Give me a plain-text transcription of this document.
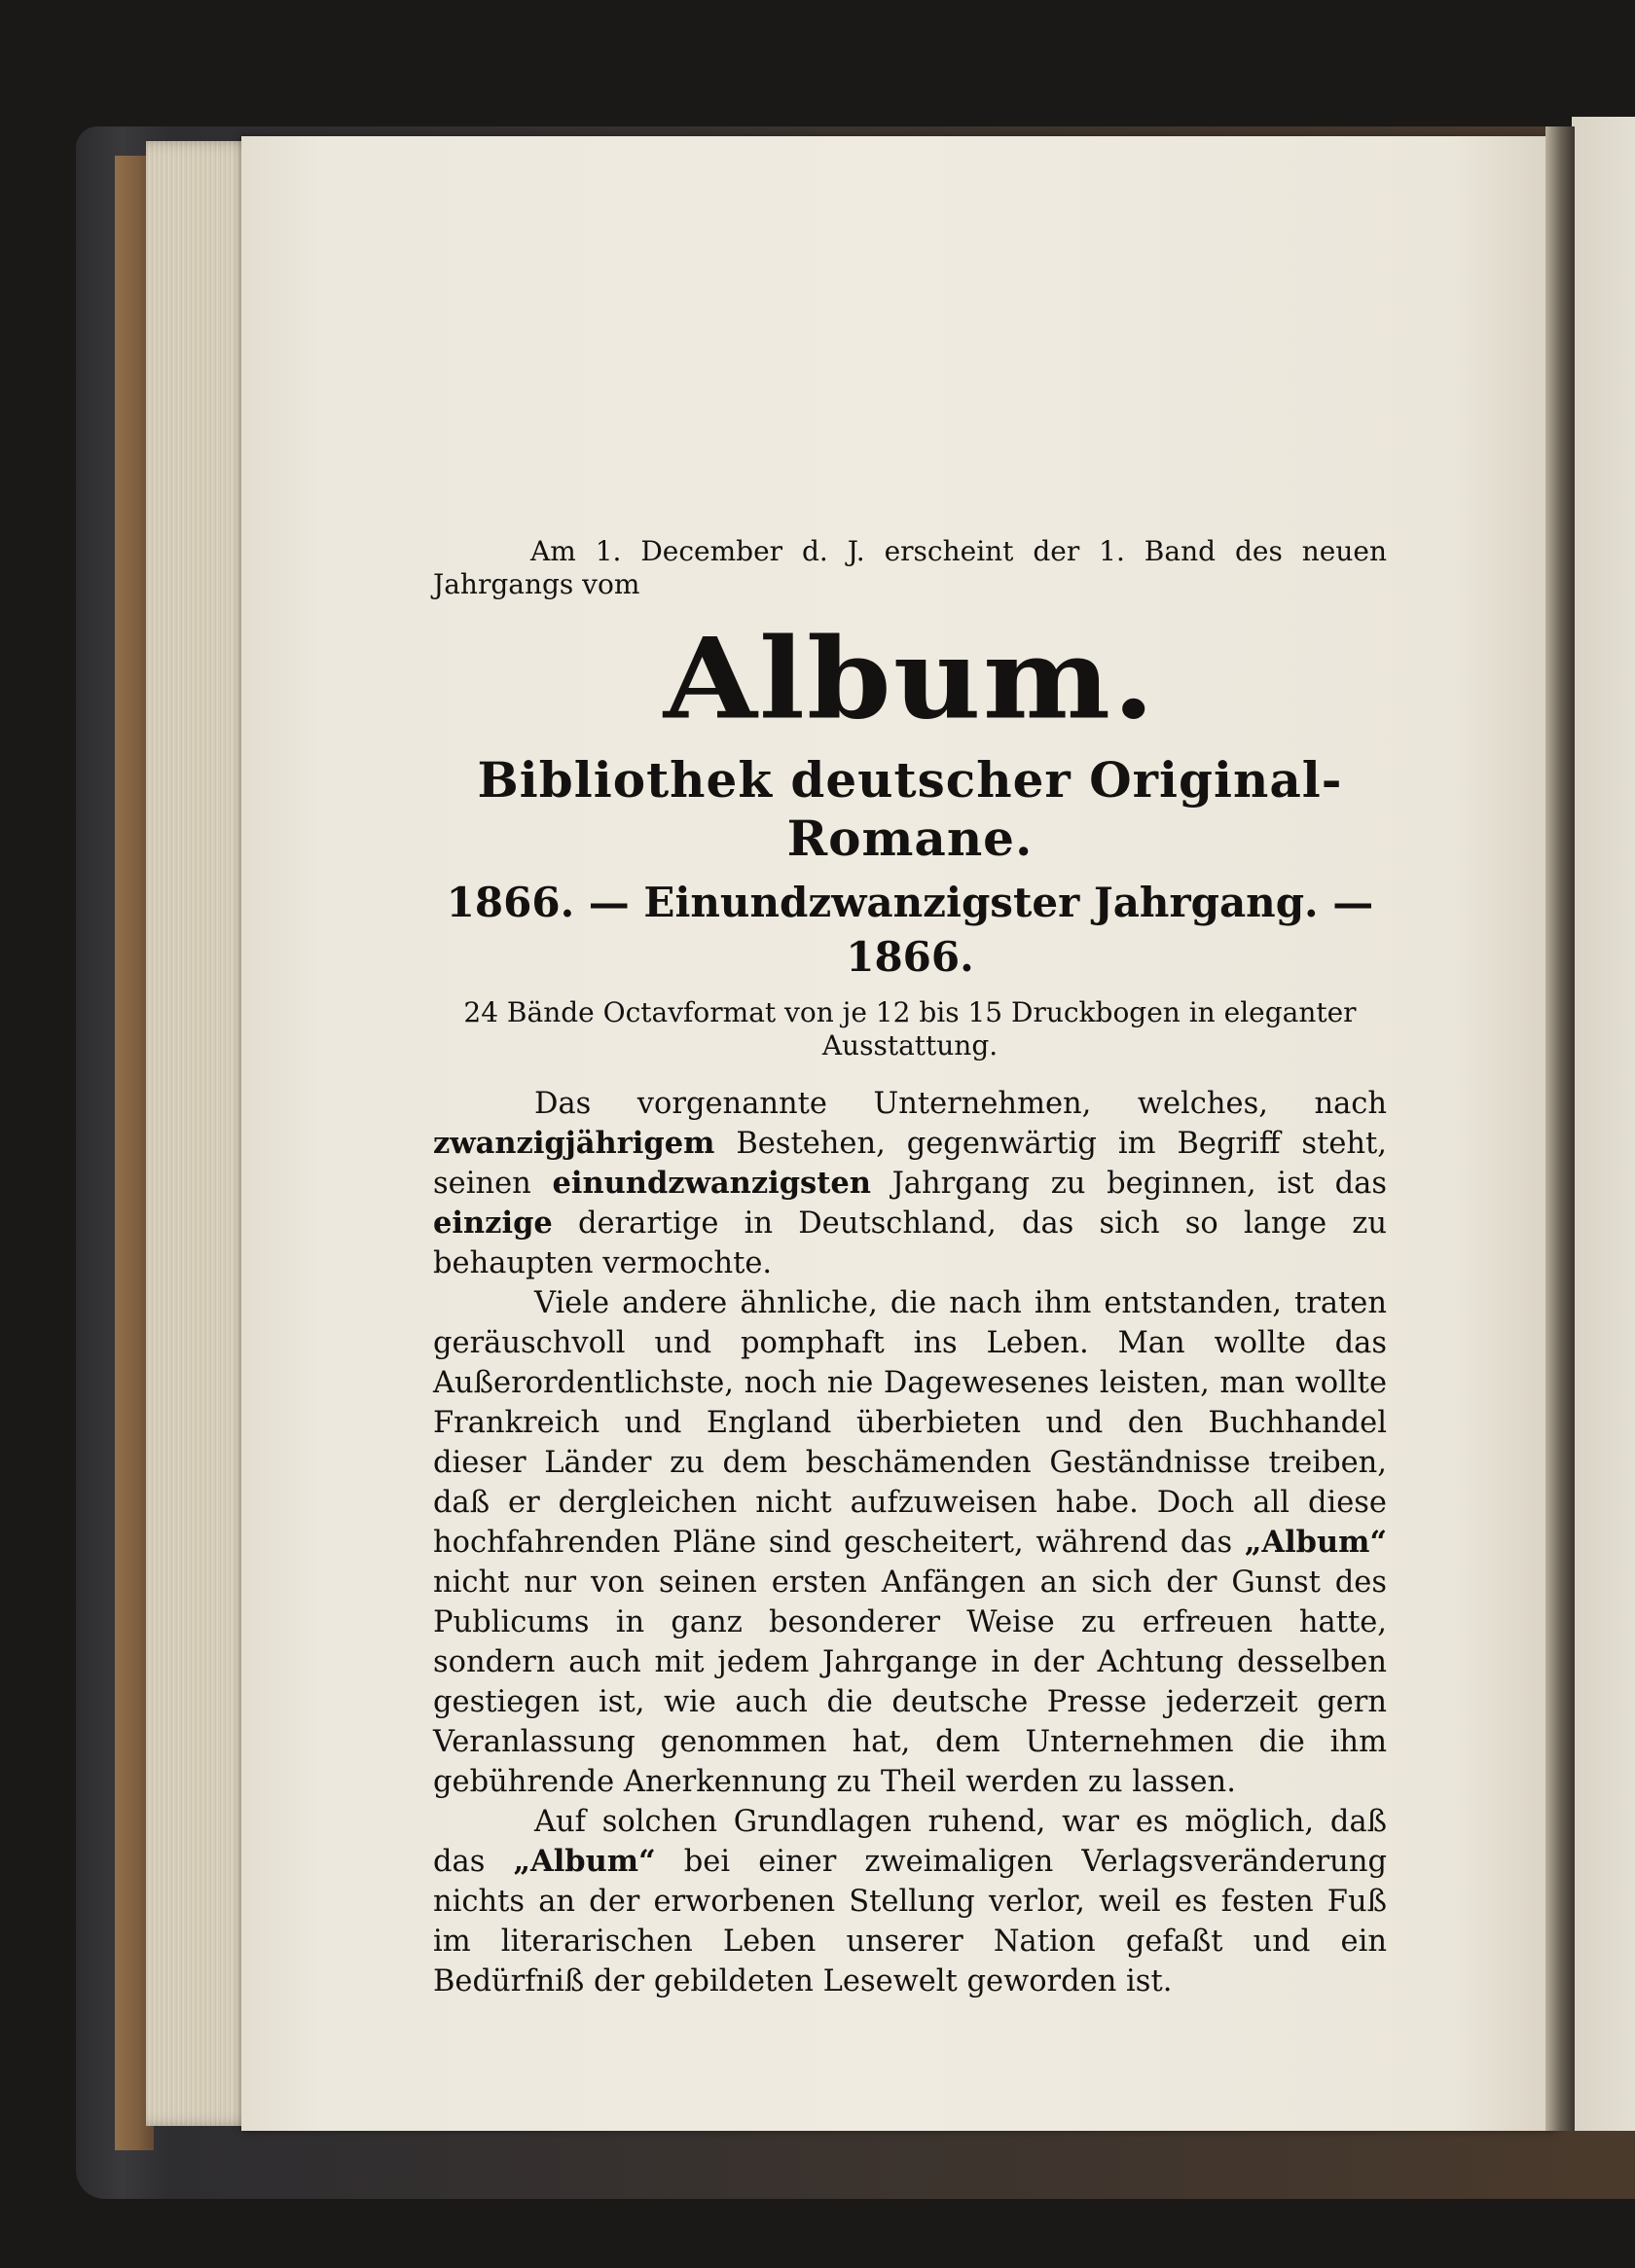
Am 1. December d. J. erscheint der 1. Band des neuen Jahrgangs vom

Album.
Bibliothek deutscher Original-Romane.
1866. — Einundzwanzigster Jahrgang. — 1866.
24 Bände Octavformat von je 12 bis 15 Druckbogen in eleganter Ausstattung.

Das vorgenannte Unternehmen, welches, nach zwanzigjährigem Bestehen, gegenwärtig im Begriff steht, seinen einundzwanzigsten Jahrgang zu beginnen, ist das einzige derartige in Deutschland, das sich so lange zu behaupten vermochte.

Viele andere ähnliche, die nach ihm entstanden, traten geräuschvoll und pomphaft ins Leben. Man wollte das Außerordentlichste, noch nie Dagewesenes leisten, man wollte Frankreich und England überbieten und den Buchhandel dieser Länder zu dem beschämenden Geständnisse treiben, daß er dergleichen nicht aufzuweisen habe. Doch all diese hochfahrenden Pläne sind gescheitert, während das „Album“ nicht nur von seinen ersten Anfängen an sich der Gunst des Publicums in ganz besonderer Weise zu erfreuen hatte, sondern auch mit jedem Jahrgange in der Achtung desselben gestiegen ist, wie auch die deutsche Presse jederzeit gern Veranlassung genommen hat, dem Unternehmen die ihm gebührende Anerkennung zu Theil werden zu lassen.

Auf solchen Grundlagen ruhend, war es möglich, daß das „Album“ bei einer zweimaligen Verlagsveränderung nichts an der erworbenen Stellung verlor, weil es festen Fuß im literarischen Leben unserer Nation gefaßt und ein Bedürfniß der gebildeten Lesewelt geworden ist.
